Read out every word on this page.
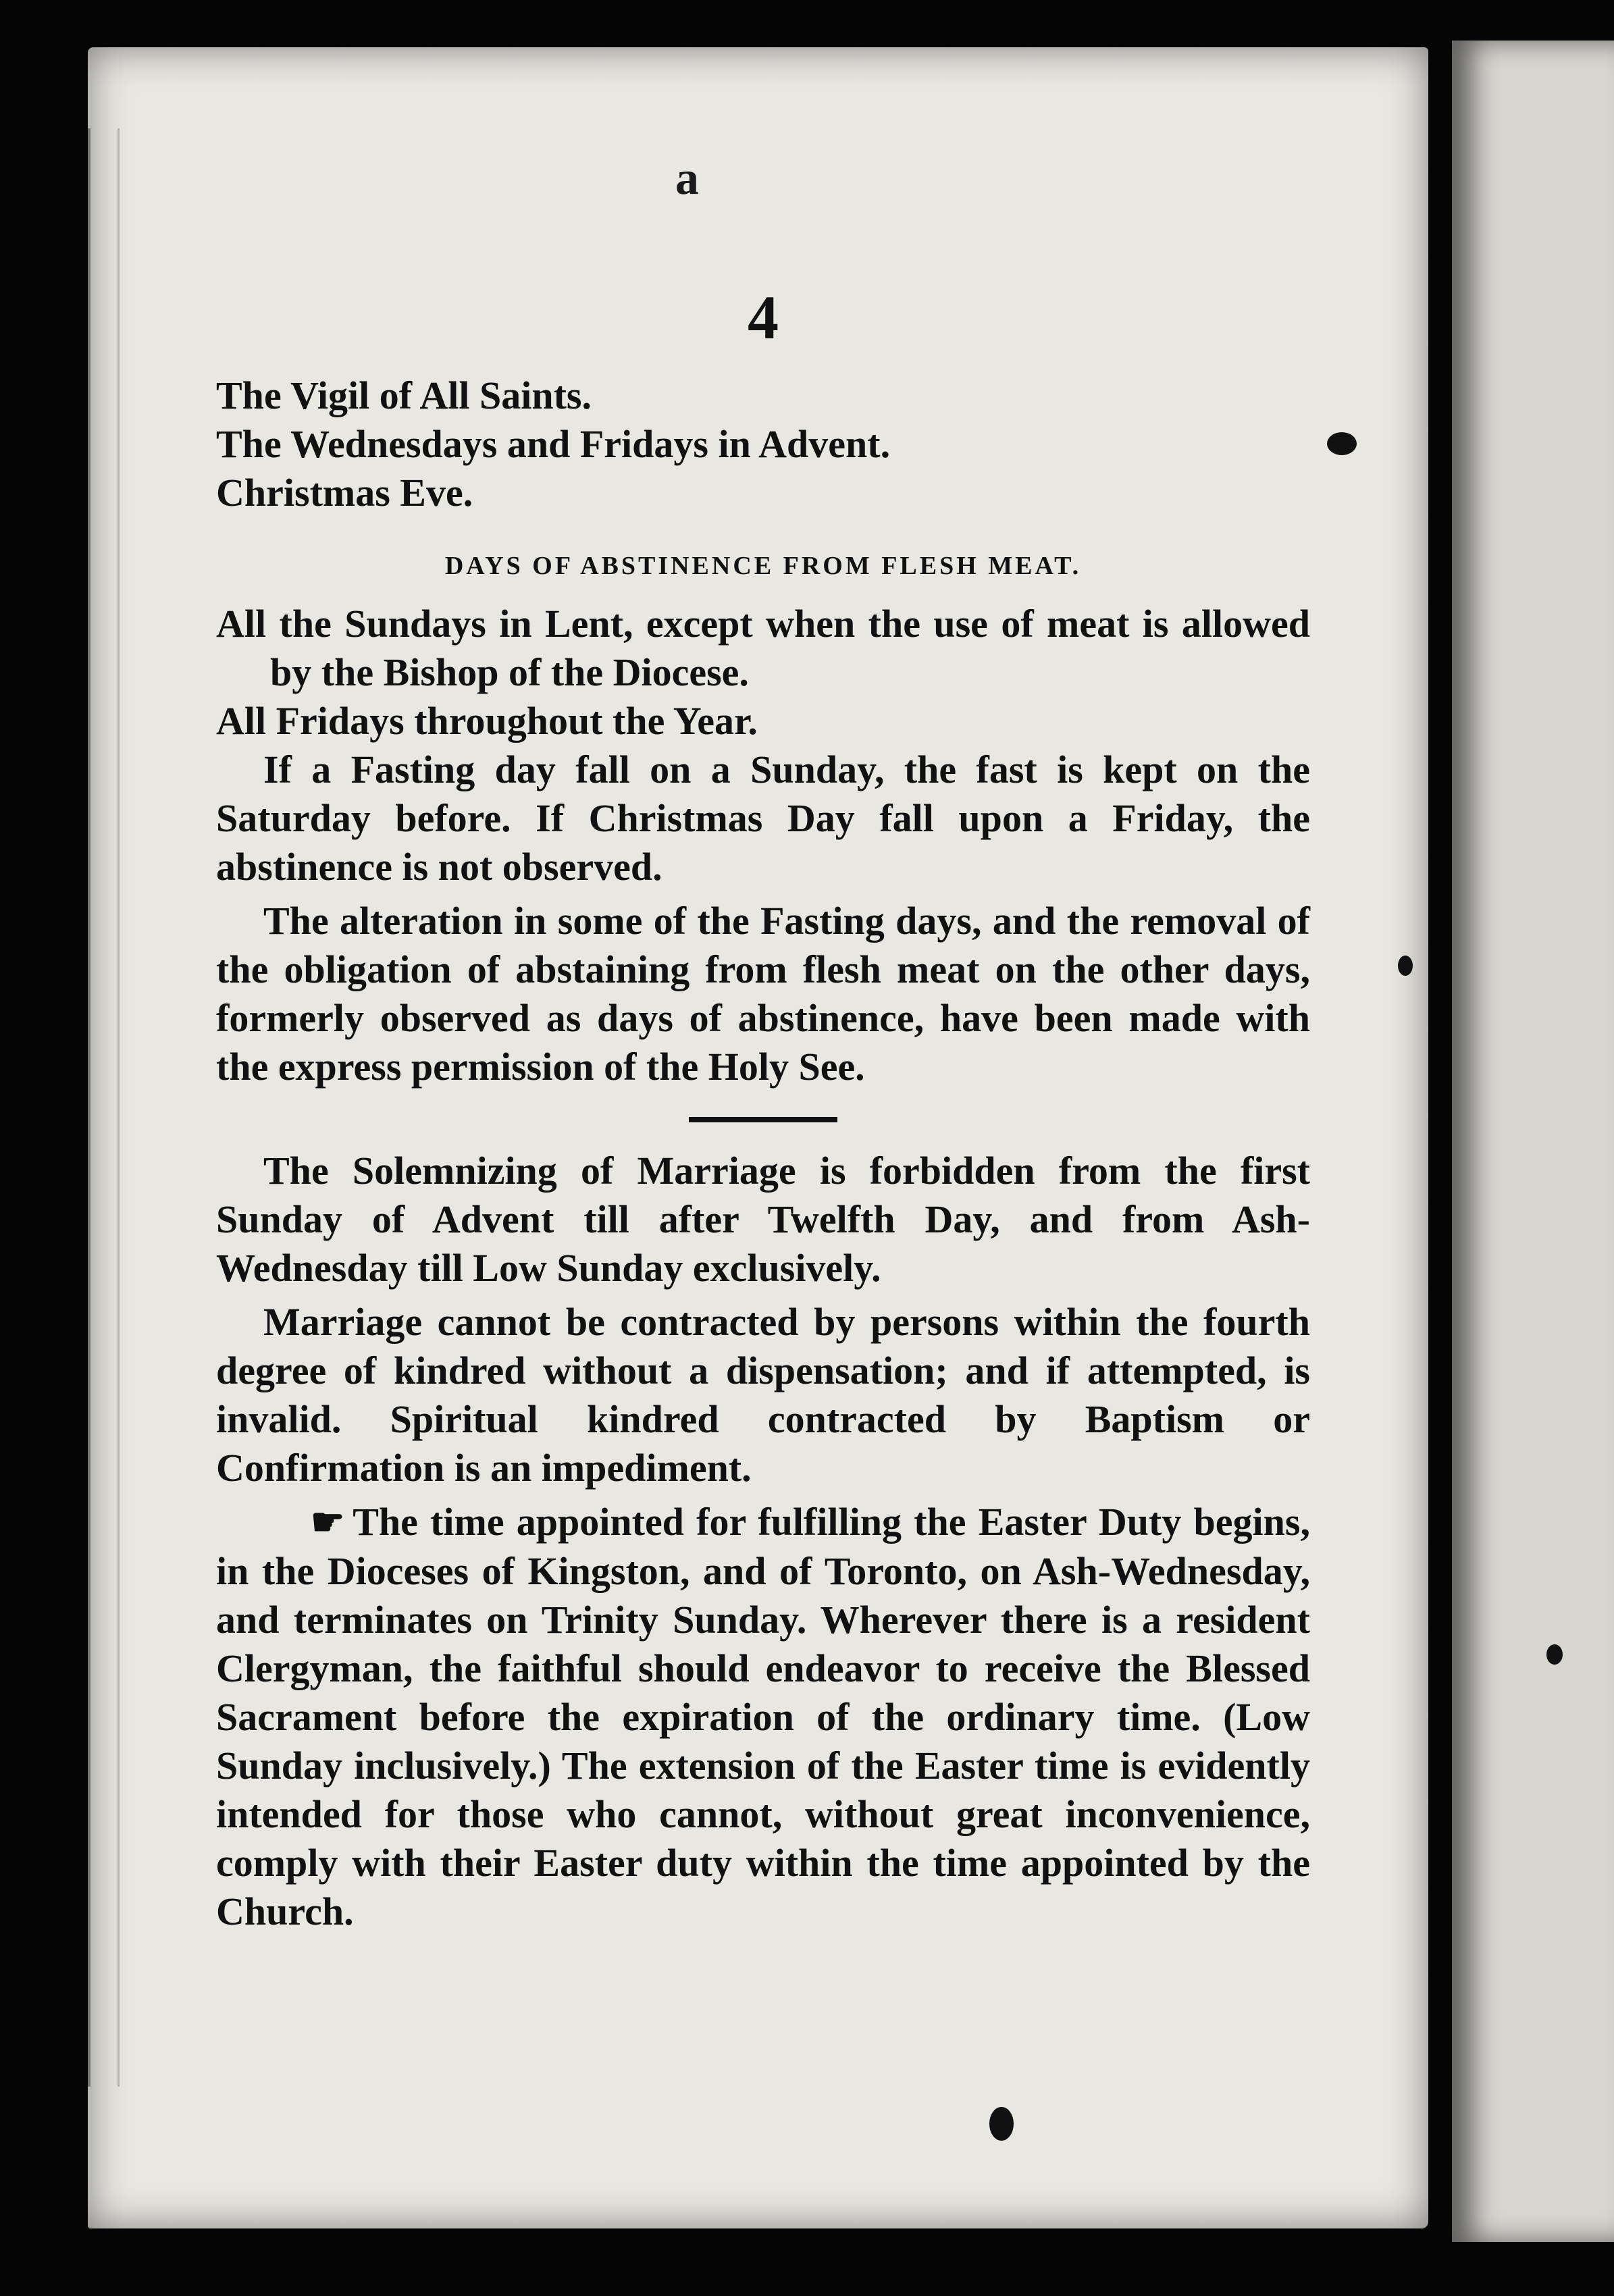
a
4

The Vigil of All Saints.

The Wednesdays and Fridays in Advent.

Christmas Eve.

DAYS OF ABSTINENCE FROM FLESH MEAT.

All the Sundays in Lent, except when the use of meat is allowed by the Bishop of the Diocese.

All Fridays throughout the Year.

If a Fasting day fall on a Sunday, the fast is kept on the Saturday before. If Christmas Day fall upon a Friday, the abstinence is not observed.

The alteration in some of the Fasting days, and the removal of the obligation of abstaining from flesh meat on the other days, formerly observed as days of abstinence, have been made with the express permission of the Holy See.

The Solemnizing of Marriage is forbidden from the first Sunday of Advent till after Twelfth Day, and from Ash-Wednesday till Low Sunday exclusively.

Marriage cannot be contracted by persons within the fourth degree of kindred without a dispensation; and if attempted, is invalid. Spiritual kindred contracted by Baptism or Confirmation is an impediment.

☛ The time appointed for fulfilling the Easter Duty begins, in the Dioceses of Kingston, and of Toronto, on Ash-Wednesday, and terminates on Trinity Sunday. Wherever there is a resident Clergyman, the faithful should endeavor to receive the Blessed Sacrament before the expiration of the ordinary time. (Low Sunday inclusively.) The extension of the Easter time is evidently intended for those who cannot, without great inconvenience, comply with their Easter duty within the time appointed by the Church.
